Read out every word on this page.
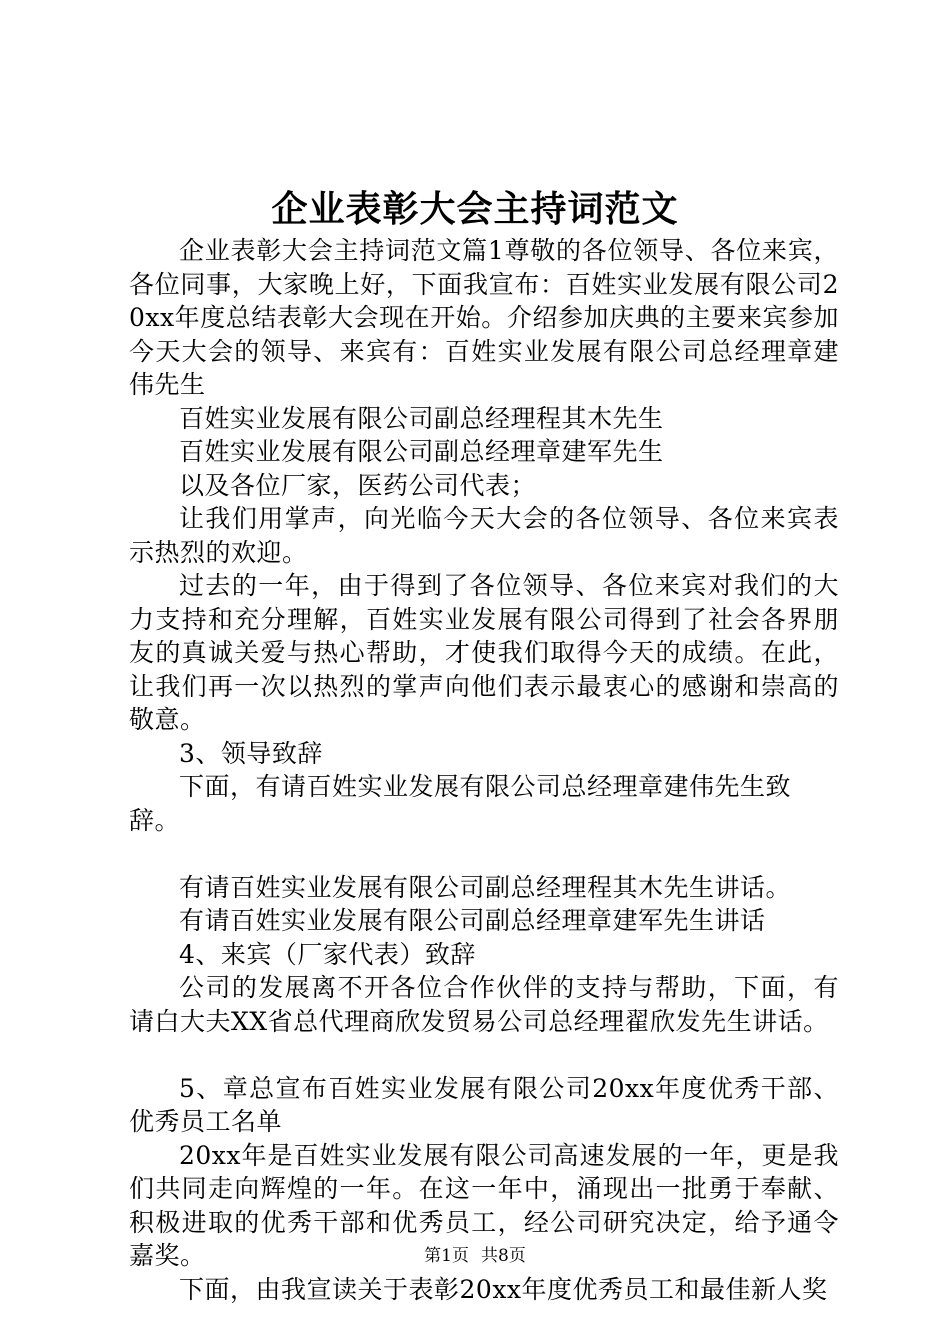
企业表彰大会主持词范文

企业表彰大会主持词范文篇1尊敬的各位领导、各位来宾，各位同事，大家晚上好，下面我宣布：百姓实业发展有限公司20xx年度总结表彰大会现在开始。介绍参加庆典的主要来宾参加今天大会的领导、来宾有：百姓实业发展有限公司总经理章建伟先生

百姓实业发展有限公司副总经理程其木先生

百姓实业发展有限公司副总经理章建军先生

以及各位厂家，医药公司代表；

让我们用掌声，向光临今天大会的各位领导、各位来宾表示热烈的欢迎。

过去的一年，由于得到了各位领导、各位来宾对我们的大力支持和充分理解，百姓实业发展有限公司得到了社会各界朋友的真诚关爱与热心帮助，才使我们取得今天的成绩。在此，让我们再一次以热烈的掌声向他们表示最衷心的感谢和崇高的敬意。

3、领导致辞

下面，有请百姓实业发展有限公司总经理章建伟先生致辞。

有请百姓实业发展有限公司副总经理程其木先生讲话。

有请百姓实业发展有限公司副总经理章建军先生讲话

4、来宾（厂家代表）致辞

公司的发展离不开各位合作伙伴的支持与帮助，下面，有请白大夫XX省总代理商欣发贸易公司总经理翟欣发先生讲话。

5、章总宣布百姓实业发展有限公司20xx年度优秀干部、优秀员工名单

20xx年是百姓实业发展有限公司高速发展的一年，更是我们共同走向辉煌的一年。在这一年中，涌现出一批勇于奉献、积极进取的优秀干部和优秀员工，经公司研究决定，给予通令嘉奖。

下面，由我宣读关于表彰20xx年度优秀员工和最佳新人奖

第1页 共8页
